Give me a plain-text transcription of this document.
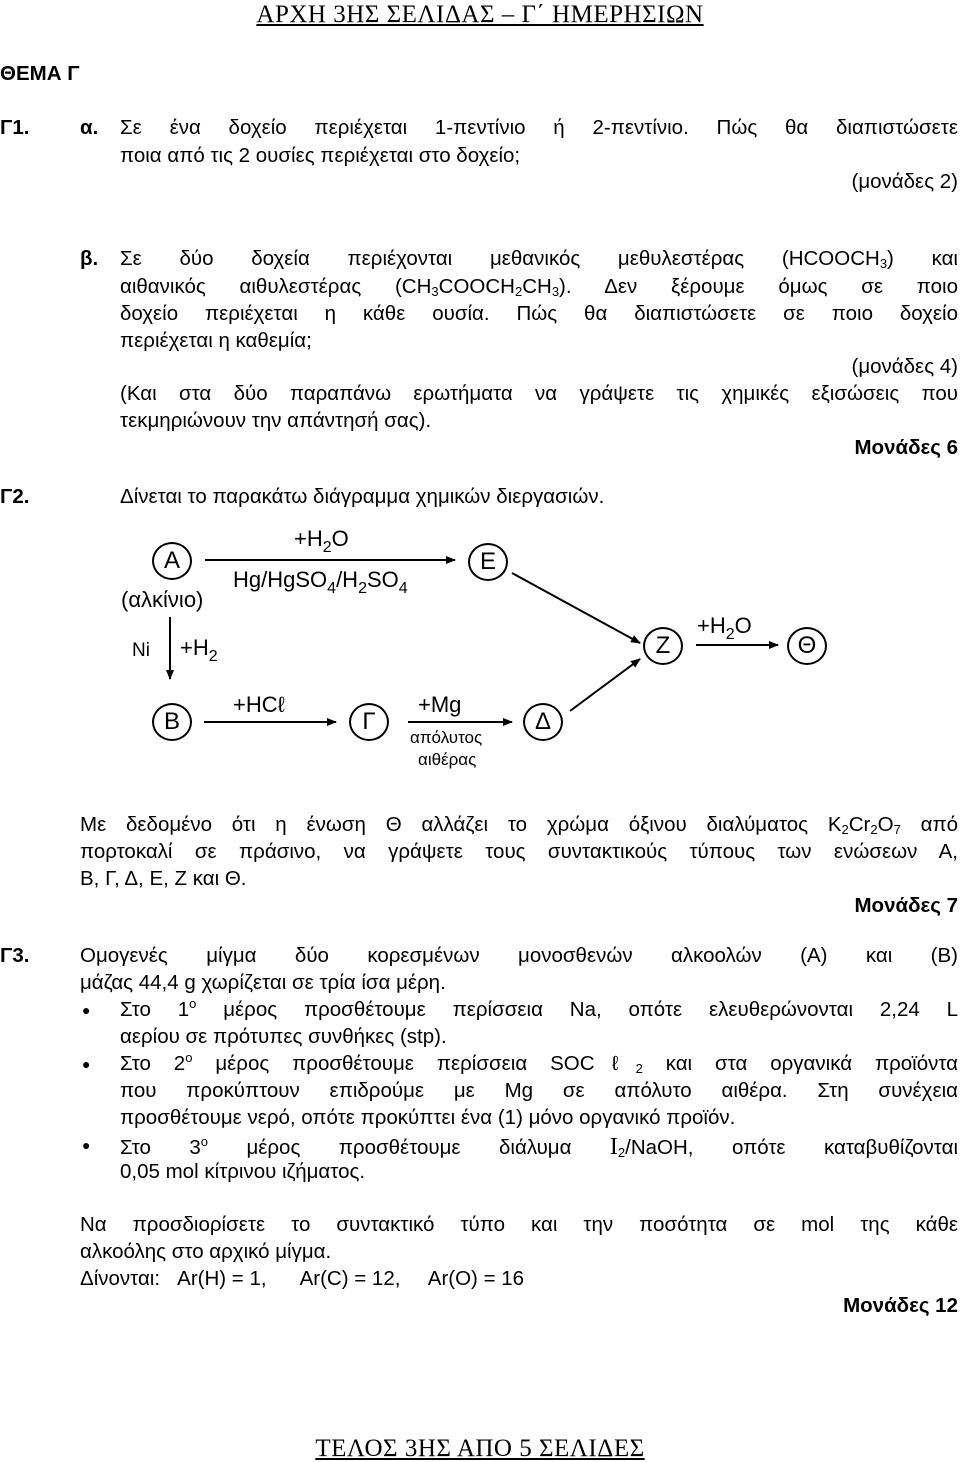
ΑΡΧΗ 3ΗΣ ΣΕΛΙΔΑΣ – Γ΄ ΗΜΕΡΗΣΙΩΝ
ΘΕΜΑ Γ
Γ1. α. Σε ένα δοχείο περιέχεται 1-πεντίνιο ή 2-πεντίνιο. Πώς θα διαπιστώσετε
ποια από τις 2 ουσίες περιέχεται στο δοχείο;
(μονάδες 2)
β. Σε δύο δοχεία περιέχονται μεθανικός μεθυλεστέρας $(HCOOCH_3)$ και
αιθανικός αιθυλεστέρας $(CH_3COOCH_2CH_3)$. Δεν ξέρουμε όμως σε ποιο
δοχείο περιέχεται η κάθε ουσία. Πώς θα διαπιστώσετε σε ποιο δοχείο
περιέχεται η καθεμία;
(μονάδες 4)
(Και στα δύο παραπάνω ερωτήματα να γράψετε τις χημικές εξισώσεις που
τεκμηριώνουν την απάντησή σας).
Μονάδες 6
Γ2.	Δίνεται το παρακάτω διάγραμμα χημικών διεργασιών.
Α
(αλκίνιο)
$+H_2O$
$Hg/HgSO_4/H_2SO_4$
Ε
$Ni +H_2$
Β
+HCℓ
Γ
+Mg
απόλυτος
αιθέρας
Δ
Ζ
$+H_2O$
Θ
Με δεδομένο ότι η ένωση Θ αλλάζει το χρώμα όξινου διαλύματος $K_2Cr_2O_7$ από
πορτοκαλί σε πράσινο, να γράψετε τους συντακτικούς τύπους των ενώσεων Α,
Β, Γ, Δ, Ε, Ζ και Θ.
Μονάδες 7
Γ3. Ομογενές μίγμα δύο κορεσμένων μονοσθενών αλκοολών (Α) και (Β)
μάζας 44,4 g χωρίζεται σε τρία ίσα μέρη.
● Στο $1^o$ μέρος προσθέτουμε περίσσεια Na, οπότε ελευθερώνονται 2,24 L
αερίου σε πρότυπες συνθήκες (stp).
● Στο $2^o$ μέρος προσθέτουμε περίσσεια SOCℓ$_2$ και στα οργανικά προϊόντα
που προκύπτουν επιδρούμε με Mg σε απόλυτο αιθέρα. Στη συνέχεια
προσθέτουμε νερό, οπότε προκύπτει ένα (1) μόνο οργανικό προϊόν.
● Στο $3^o$ μέρος προσθέτουμε διάλυμα $I_2$/NaOH, οπότε καταβυθίζονται
0,05 mol κίτρινου ιζήματος.
Να προσδιορίσετε το συντακτικό τύπο και την ποσότητα σε mol της κάθε
αλκοόλης στο αρχικό μίγμα.
Δίνονται:   Ar(H) = 1,      Ar(C) = 12,     Ar(O) = 16
Μονάδες 12
ΤΕΛΟΣ 3ΗΣ ΑΠΟ 5 ΣΕΛΙΔΕΣ
